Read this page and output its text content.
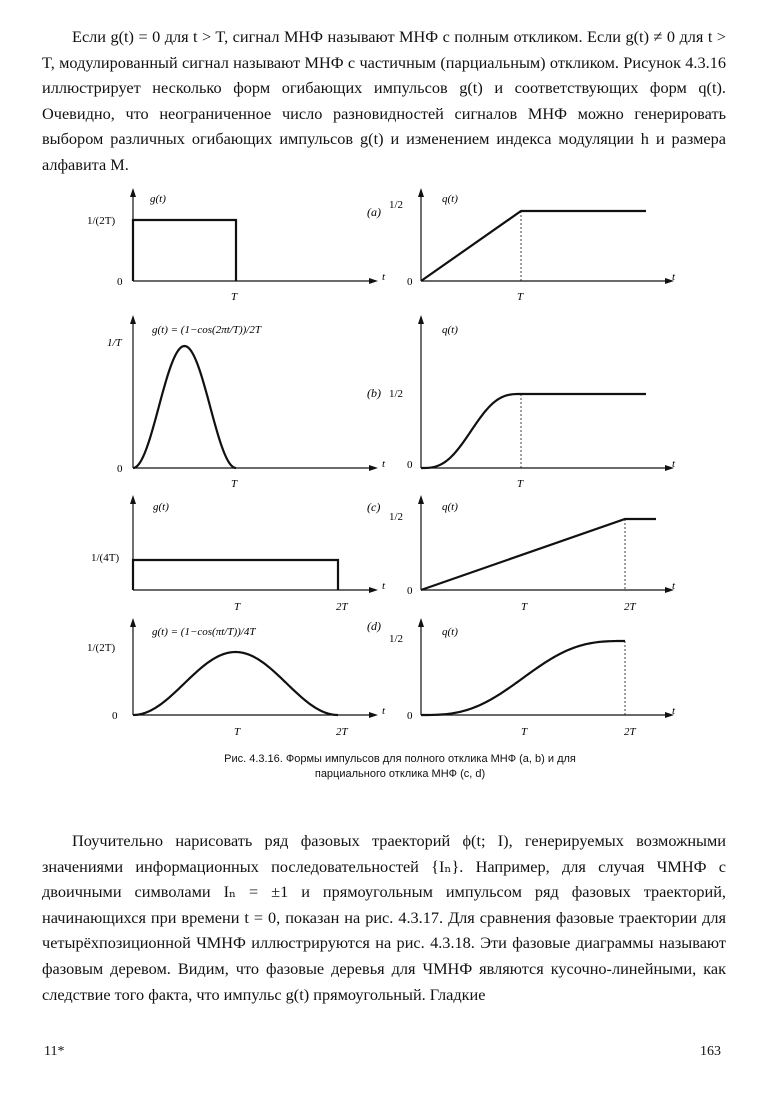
Если g(t) = 0 для t > T, сигнал МНФ называют МНФ с полным откликом. Если g(t) ≠ 0 для t > T, модулированный сигнал называют МНФ с частичным (парциальным) откликом. Рисунок 4.3.16 иллюстрирует несколько форм огибающих импульсов g(t) и соответствующих форм q(t). Очевидно, что неограниченное число разновидностей сигналов МНФ можно генерировать выбором различных огибающих импульсов g(t) и изменением индекса модуляции h и размера алфавита M.

g(t)
1/(2T)
0
T
t
(a)
q(t)
1/2
0
T
t
g(t) = (1−cos(2πt/T))/2T
1/T
0
T
t
(b)
q(t)
1/2
0
T
t
g(t)
1/(4T)
T	2T
t
(c)	q(t)
1/2
0
T	2T
t
g(t) = (1−cos(πt/T))/4T
1/(2T)
0
T	2T
t
(d)	q(t)
1/2
0
T	2T
t
Рис. 4.3.16. Формы импульсов для полного отклика МНФ (a, b) и для
парциального отклика МНФ (c, d)

Поучительно нарисовать ряд фазовых траекторий ϕ(t; I), генерируемых возможными значениями информационных последовательностей {Iₙ}. Например, для случая ЧМНФ с двоичными символами Iₙ = ±1 и прямоугольным импульсом ряд фазовых траекторий, начинающихся при времени t = 0, показан на рис. 4.3.17. Для сравнения фазовые траектории для четырёхпозиционной ЧМНФ иллюстрируются на рис. 4.3.18. Эти фазовые диаграммы называют фазовым деревом. Видим, что фазовые деревья для ЧМНФ являются кусочно-линейными, как следствие того факта, что импульс g(t) прямоугольный. Гладкие

11*	163
